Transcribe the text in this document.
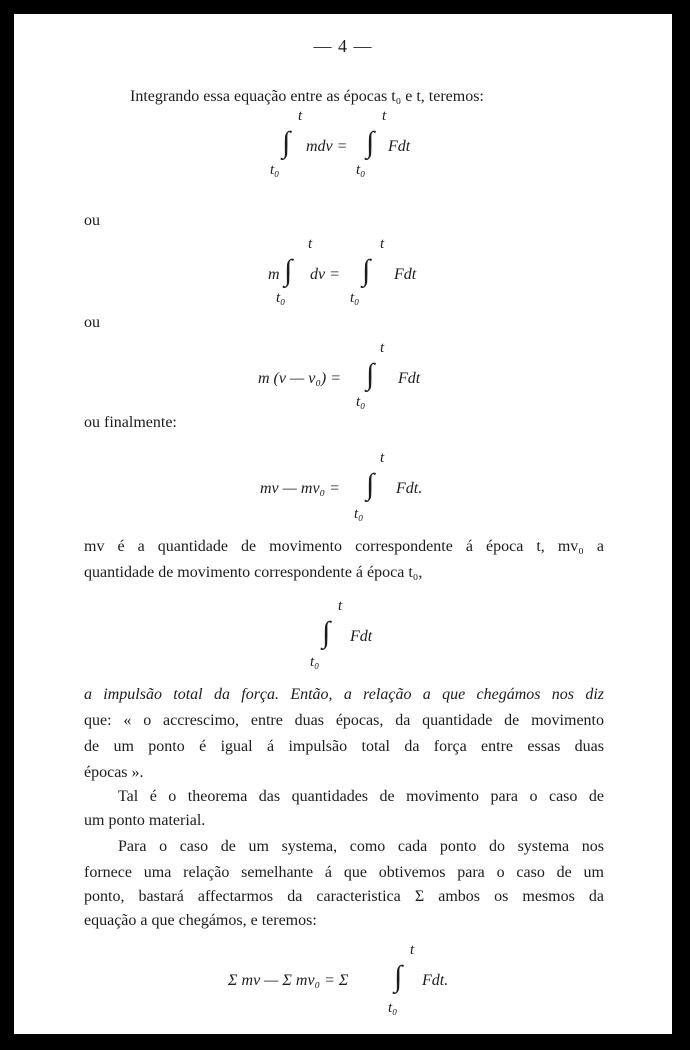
— 4 —
Integrando essa equação entre as épocas t₀ e t, teremos:
t
∫
t₀
mdv =
t
∫
t₀
Fdt
ou
t
m ∫
t₀
dv =
t
∫
t₀
Fdt
ou
t
m (v — v₀) = ∫
t₀
Fdt
ou finalmente:
t
mv — mv₀ = ∫
t₀
Fdt.
mv é a quantidade de movimento correspondente á época t, mv₀ a
quantidade de movimento correspondente á época t₀,
t
∫
t₀
Fdt
a impulsão total da força. Então, a relação a que chegámos nos diz
que: « o accrescimo, entre duas épocas, da quantidade de movimento
de um ponto é igual á impulsão total da força entre essas duas
épocas ».
Tal é o theorema das quantidades de movimento para o caso de
um ponto material.
Para o caso de um systema, como cada ponto do systema nos
fornece uma relação semelhante á que obtivemos para o caso de um
ponto, bastará affectarmos da caracteristica Σ ambos os mesmos da
equação a que chegámos, e teremos:
t
Σ mv — Σ mv₀ = Σ ∫
t₀
Fdt.
